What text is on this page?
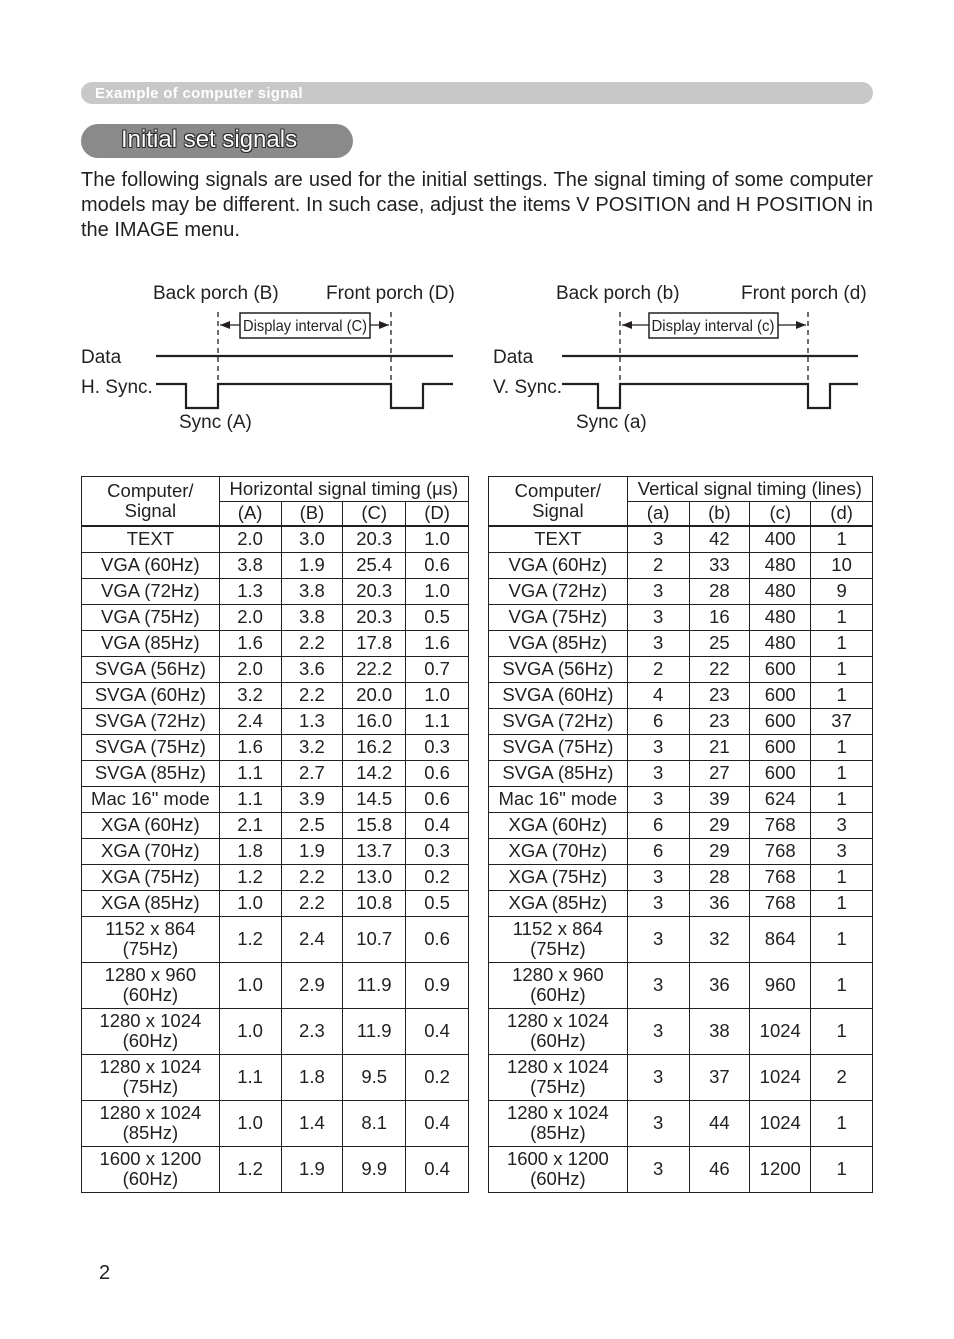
Example of computer signal
Initial set signals

The following signals are used for the initial settings. The signal timing of some computer models may be different. In such case, adjust the items V POSITION and H POSITION in the IMAGE menu.

Back porch (B) Front porch (D)
Display interval (C)
Data
H. Sync.
Sync (A)
Back porch (b)	Front porch (d)
Display interval (c)
Data
V. Sync.
Sync (a)
Computer/
Signal	Horizontal signal timing (μs)			
	(A)	(B)	(C)	(D)
TEXT	2.0	3.0	20.3	1.0
VGA (60Hz)	3.8	1.9	25.4	0.6
VGA (72Hz)	1.3	3.8	20.3	1.0
VGA (75Hz)	2.0	3.8	20.3	0.5
VGA (85Hz)	1.6	2.2	17.8	1.6
SVGA (56Hz)	2.0	3.6	22.2	0.7
SVGA (60Hz)	3.2	2.2	20.0	1.0
SVGA (72Hz)	2.4	1.3	16.0	1.1
SVGA (75Hz)	1.6	3.2	16.2	0.3
SVGA (85Hz)	1.1	2.7	14.2	0.6
Mac 16" mode	1.1	3.9	14.5	0.6
XGA (60Hz)	2.1	2.5	15.8	0.4
XGA (70Hz)	1.8	1.9	13.7	0.3
XGA (75Hz)	1.2	2.2	13.0	0.2
XGA (85Hz)	1.0	2.2	10.8	0.5
1152 x 864
(75Hz)	1.2	2.4	10.7	0.6
1280 x 960
(60Hz)	1.0	2.9	11.9	0.9
1280 x 1024
(60Hz)	1.0	2.3	11.9	0.4
1280 x 1024
(75Hz)	1.1	1.8	9.5	0.2
1280 x 1024
(85Hz)	1.0	1.4	8.1	0.4
1600 x 1200
(60Hz)	1.2	1.9	9.9	0.4
Computer/
Signal	Vertical signal timing (lines)			
	(a)	(b)	(c)	(d)
TEXT	3	42	400	1
VGA (60Hz)	2	33	480	10
VGA (72Hz)	3	28	480	9
VGA (75Hz)	3	16	480	1
VGA (85Hz)	3	25	480	1
SVGA (56Hz)	2	22	600	1
SVGA (60Hz)	4	23	600	1
SVGA (72Hz)	6	23	600	37
SVGA (75Hz)	3	21	600	1
SVGA (85Hz)	3	27	600	1
Mac 16" mode	3	39	624	1
XGA (60Hz)	6	29	768	3
XGA (70Hz)	6	29	768	3
XGA (75Hz)	3	28	768	1
XGA (85Hz)	3	36	768	1
1152 x 864
(75Hz)	3	32	864	1
1280 x 960
(60Hz)	3	36	960	1
1280 x 1024
(60Hz)	3	38	1024	1
1280 x 1024
(75Hz)	3	37	1024	2
1280 x 1024
(85Hz)	3	44	1024	1
1600 x 1200
(60Hz)	3	46	1200	1
2
